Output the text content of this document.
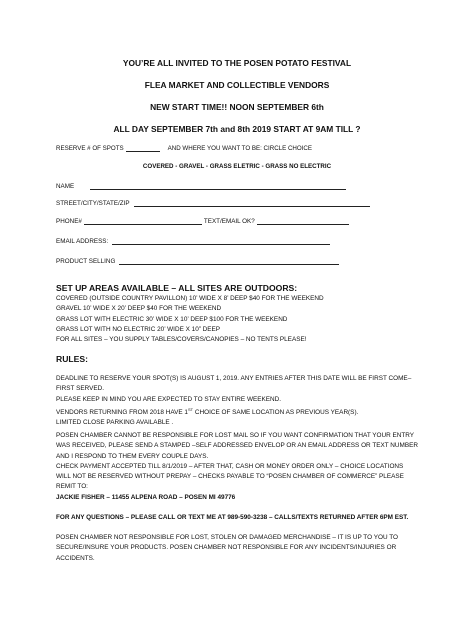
YOU’RE ALL INVITED TO THE POSEN POTATO FESTIVAL
FLEA MARKET AND COLLECTIBLE VENDORS
NEW START TIME!! NOON SEPTEMBER 6th
ALL DAY SEPTEMBER 7th and 8th 2019 START AT 9AM TILL ?
RESERVE # OF SPOTS	AND WHERE YOU WANT TO BE: CIRCLE CHOICE
COVERED - GRAVEL - GRASS ELETRIC - GRASS NO ELECTRIC
NAME
STREET/CITY/STATE/ZIP
PHONE#	TEXT/EMAIL OK?
EMAIL ADDRESS:
PRODUCT SELLING
SET UP AREAS AVAILABLE – ALL SITES ARE OUTDOORS:
COVERED (OUTSIDE COUNTRY PAVILLON) 10’ WIDE X 8’ DEEP $40 FOR THE WEEKEND
GRAVEL 10’ WIDE X 20’ DEEP $40 FOR THE WEEKEND
GRASS LOT WITH ELECTRIC 30’ WIDE X 10’ DEEP $100 FOR THE WEEKEND
GRASS LOT WITH NO ELECTRIC 20’ WIDE X 10” DEEP
FOR ALL SITES – YOU SUPPLY TABLES/COVERS/CANOPIES – NO TENTS PLEASE!
RULES:
DEADLINE TO RESERVE YOUR SPOT(S) IS AUGUST 1, 2019. ANY ENTRIES AFTER THIS DATE WILL BE FIRST COME–
FIRST SERVED.
PLEASE KEEP IN MIND YOU ARE EXPECTED TO STAY ENTIRE WEEKEND.
VENDORS RETURNING FROM 2018 HAVE 1ST CHOICE OF SAME LOCATION AS PREVIOUS YEAR(S).
LIMITED CLOSE PARKING AVAILABLE .
POSEN CHAMBER CANNOT BE RESPONSIBLE FOR LOST MAIL SO IF YOU WANT CONFIRMATION THAT YOUR ENTRY
WAS RECEIVED, PLEASE SEND A STAMPED –SELF ADDRESSED ENVELOP OR AN EMAIL ADDRESS OR TEXT NUMBER
AND I RESPOND TO THEM EVERY COUPLE DAYS.
CHECK PAYMENT ACCEPTED TILL 8/1/2019 – AFTER THAT, CASH OR MONEY ORDER ONLY – CHOICE LOCATIONS
WILL NOT BE RESERVED WITHOUT PREPAY – CHECKS PAYABLE TO “POSEN CHAMBER OF COMMERCE” PLEASE
REMIT TO:
JACKIE FISHER – 11455 ALPENA ROAD – POSEN MI 49776
FOR ANY QUESTIONS – PLEASE CALL OR TEXT ME AT 989-590-3238 – CALLS/TEXTS RETURNED AFTER 6PM EST.
POSEN CHAMBER NOT RESPONSIBLE FOR LOST, STOLEN OR DAMAGED MERCHANDISE – IT IS UP TO YOU TO
SECURE/INSURE YOUR PRODUCTS. POSEN CHAMBER NOT RESPONSIBLE FOR ANY INCIDENTS/INJURIES OR
ACCIDENTS.
